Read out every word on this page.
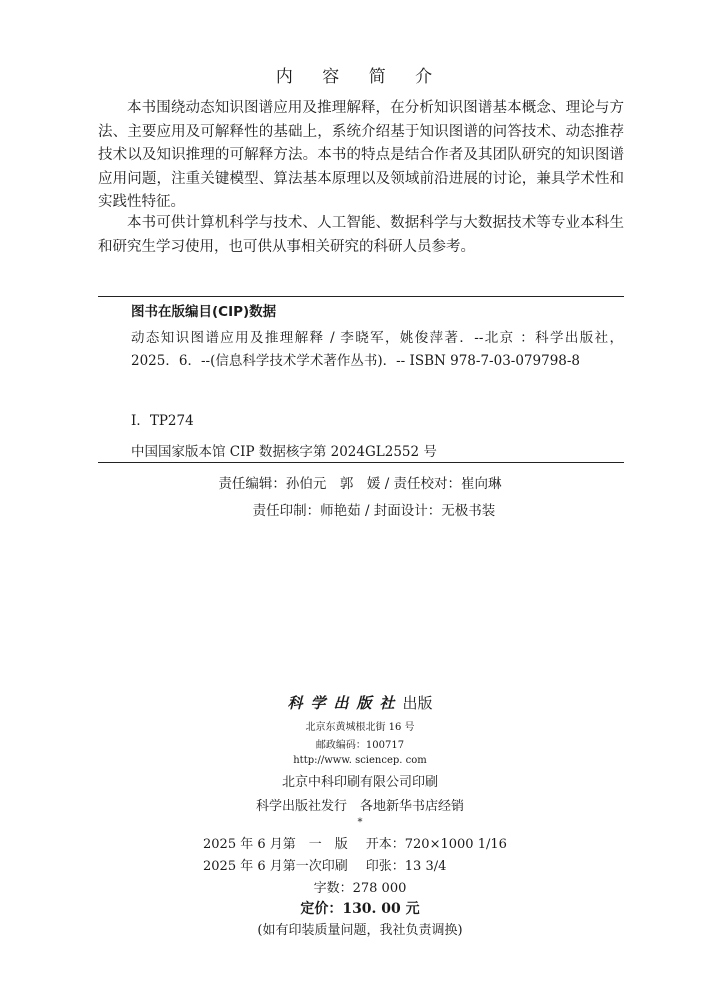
内 容 简 介
本书围绕动态知识图谱应用及推理解释，在分析知识图谱基本概念、理论与方法、主要应用及可解释性的基础上，系统介绍基于知识图谱的问答技术、动态推荐技术以及知识推理的可解释方法。本书的特点是结合作者及其团队研究的知识图谱应用问题，注重关键模型、算法基本原理以及领域前沿进展的讨论，兼具学术性和实践性特征。
本书可供计算机科学与技术、人工智能、数据科学与大数据技术等专业本科生和研究生学习使用，也可供从事相关研究的科研人员参考。
图书在版编目(CIP)数据
动态知识图谱应用及推理解释 / 李晓军，姚俊萍著．--北京 ：科学出版社，2025．6．--(信息科学技术学术著作丛书)．-- ISBN 978-7-03-079798-8
Ⅰ．TP274
中国国家版本馆 CIP 数据核字第 2024GL2552 号
责任编辑：孙伯元　郭　媛 / 责任校对：崔向琳
责任印制：师艳茹 / 封面设计：无极书装
科学出版社出版
北京东黄城根北街 16 号
邮政编码：100717
http://www. sciencep. com
北京中科印刷有限公司印刷
科学出版社发行　各地新华书店经销
*
2025 年 6 月第　一　版 开本：720×1000 1/16
2025 年 6 月第一次印刷 印张：13 3/4
字数：278 000
定价：130. 00 元
(如有印装质量问题，我社负责调换)
